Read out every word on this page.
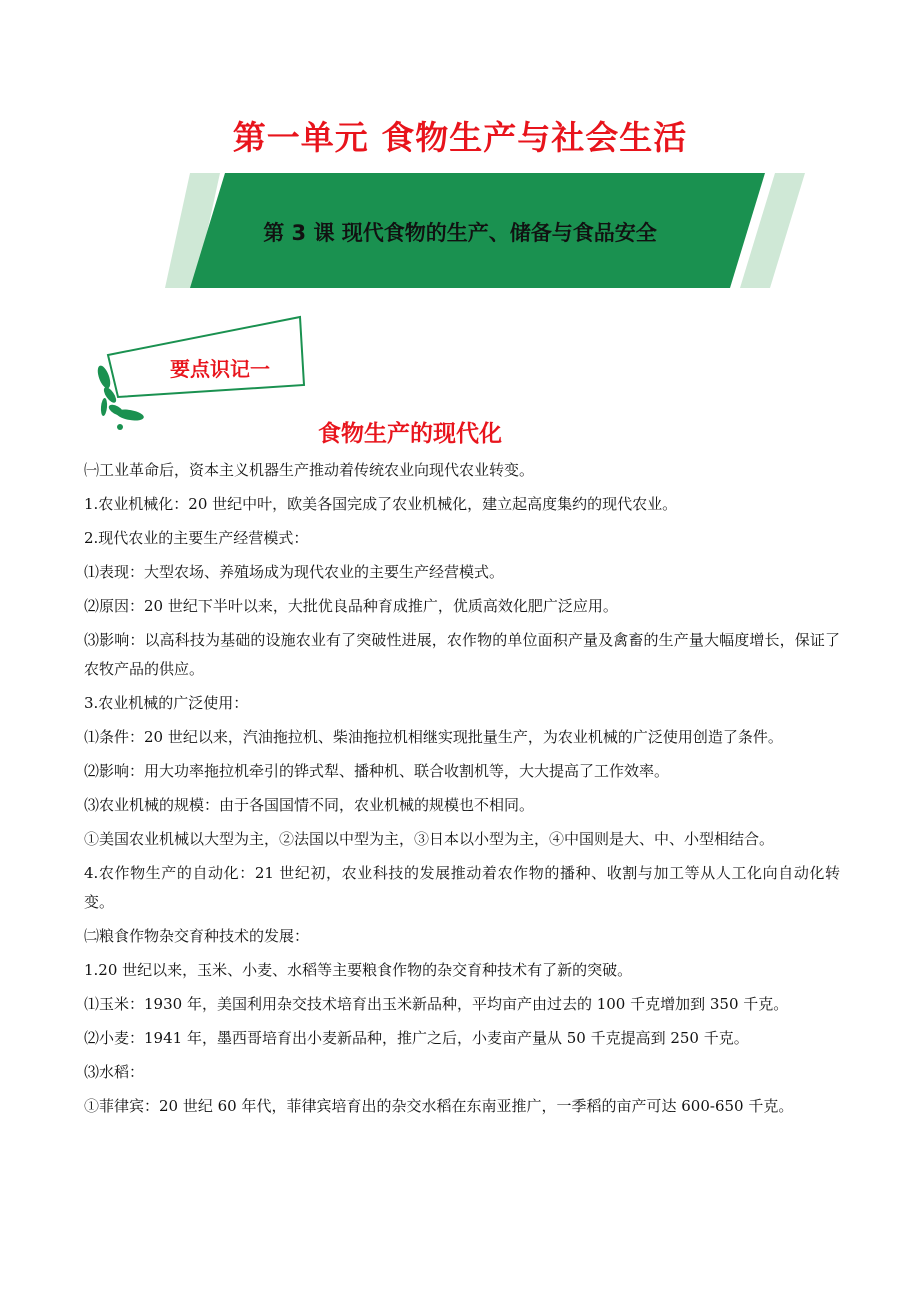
第一单元 食物生产与社会生活
第 3 课 现代食物的生产、储备与食品安全
要点识记一
食物生产的现代化

㈠工业革命后，资本主义机器生产推动着传统农业向现代农业转变。

1.农业机械化：20 世纪中叶，欧美各国完成了农业机械化，建立起高度集约的现代农业。

2.现代农业的主要生产经营模式：

⑴表现：大型农场、养殖场成为现代农业的主要生产经营模式。

⑵原因：20 世纪下半叶以来，大批优良品种育成推广，优质高效化肥广泛应用。

⑶影响：以高科技为基础的设施农业有了突破性进展，农作物的单位面积产量及禽畜的生产量大幅度增长，保证了农牧产品的供应。

3.农业机械的广泛使用：

⑴条件：20 世纪以来，汽油拖拉机、柴油拖拉机相继实现批量生产，为农业机械的广泛使用创造了条件。

⑵影响：用大功率拖拉机牵引的铧式犁、播种机、联合收割机等，大大提高了工作效率。

⑶农业机械的规模：由于各国国情不同，农业机械的规模也不相同。

①美国农业机械以大型为主，②法国以中型为主，③日本以小型为主，④中国则是大、中、小型相结合。

4.农作物生产的自动化：21 世纪初，农业科技的发展推动着农作物的播种、收割与加工等从人工化向自动化转变。

㈡粮食作物杂交育种技术的发展：

1.20 世纪以来，玉米、小麦、水稻等主要粮食作物的杂交育种技术有了新的突破。

⑴玉米：1930 年，美国利用杂交技术培育出玉米新品种，平均亩产由过去的 100 千克增加到 350 千克。

⑵小麦：1941 年，墨西哥培育出小麦新品种，推广之后，小麦亩产量从 50 千克提高到 250 千克。

⑶水稻：

①菲律宾：20 世纪 60 年代，菲律宾培育出的杂交水稻在东南亚推广，一季稻的亩产可达 600-650 千克。
